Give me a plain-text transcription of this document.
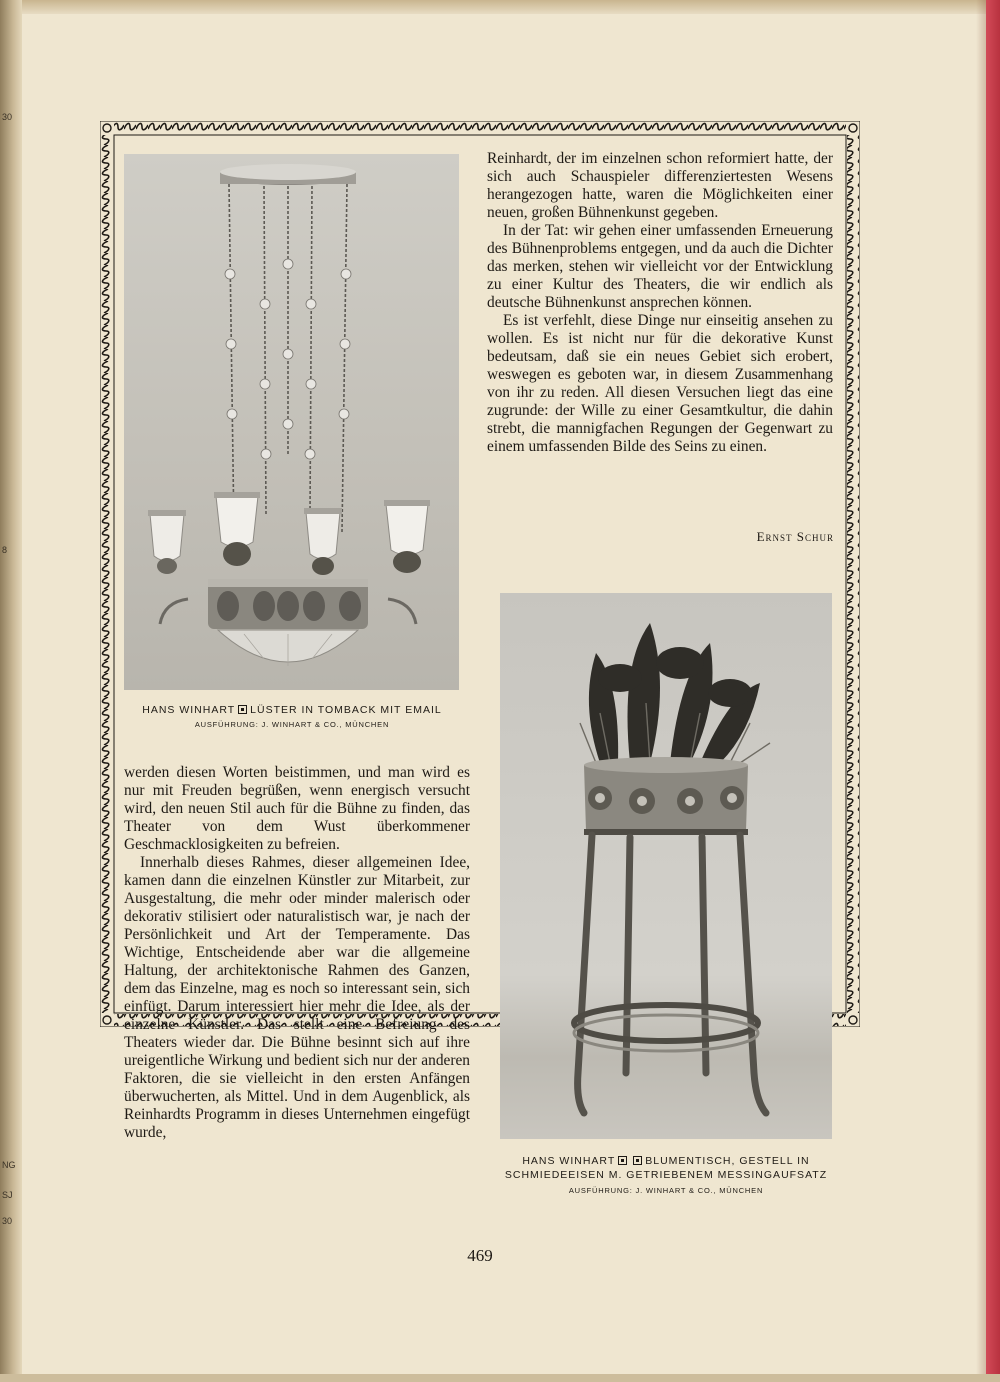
30
8
NG
SJ
30
HANS WINHART LÜSTER IN TOMBACK MIT EMAIL
AUSFÜHRUNG: J. WINHART & CO., MÜNCHEN

Reinhardt, der im einzelnen schon reformiert hatte, der sich auch Schauspieler differenziertesten Wesens herangezogen hatte, waren die Möglichkeiten einer neuen, großen Bühnenkunst gegeben.

In der Tat: wir gehen einer umfassenden Erneuerung des Bühnenproblems entgegen, und da auch die Dichter das merken, stehen wir vielleicht vor der Entwicklung zu einer Kultur des Theaters, die wir endlich als deutsche Bühnenkunst ansprechen können.

Es ist verfehlt, diese Dinge nur einseitig ansehen zu wollen. Es ist nicht nur für die dekorative Kunst bedeutsam, daß sie ein neues Gebiet sich erobert, weswegen es geboten war, in diesem Zusammenhang von ihr zu reden. All diesen Versuchen liegt das eine zugrunde: der Wille zu einer Gesamtkultur, die dahin strebt, die mannigfachen Regungen der Gegenwart zu einem umfassenden Bilde des Seins zu einen.

Ernst Schur
HANS WINHART	BLUMENTISCH, GESTELL IN
SCHMIEDEEISEN M. GETRIEBENEM MESSINGAUFSATZ
AUSFÜHRUNG: J. WINHART & CO., MÜNCHEN

werden diesen Worten beistimmen, und man wird es nur mit Freuden begrüßen, wenn energisch versucht wird, den neuen Stil auch für die Bühne zu finden, das Theater von dem Wust überkommener Geschmacklosigkeiten zu befreien.

Innerhalb dieses Rahmes, dieser allgemeinen Idee, kamen dann die einzelnen Künstler zur Mitarbeit, zur Ausgestaltung, die mehr oder minder malerisch oder dekorativ stilisiert oder naturalistisch war, je nach der Persönlichkeit und Art der Temperamente. Das Wichtige, Entscheidende aber war die allgemeine Haltung, der architektonische Rahmen des Ganzen, dem das Einzelne, mag es noch so interessant sein, sich einfügt. Darum interessiert hier mehr die Idee, als der einzelne Künstler. Das stellt eine Befreiung des Theaters wieder dar. Die Bühne besinnt sich auf ihre ureigentliche Wirkung und bedient sich nur der anderen Faktoren, die sie vielleicht in den ersten Anfängen überwucherten, als Mittel. Und in dem Augenblick, als Reinhardts Programm in dieses Unternehmen eingefügt wurde,

469
